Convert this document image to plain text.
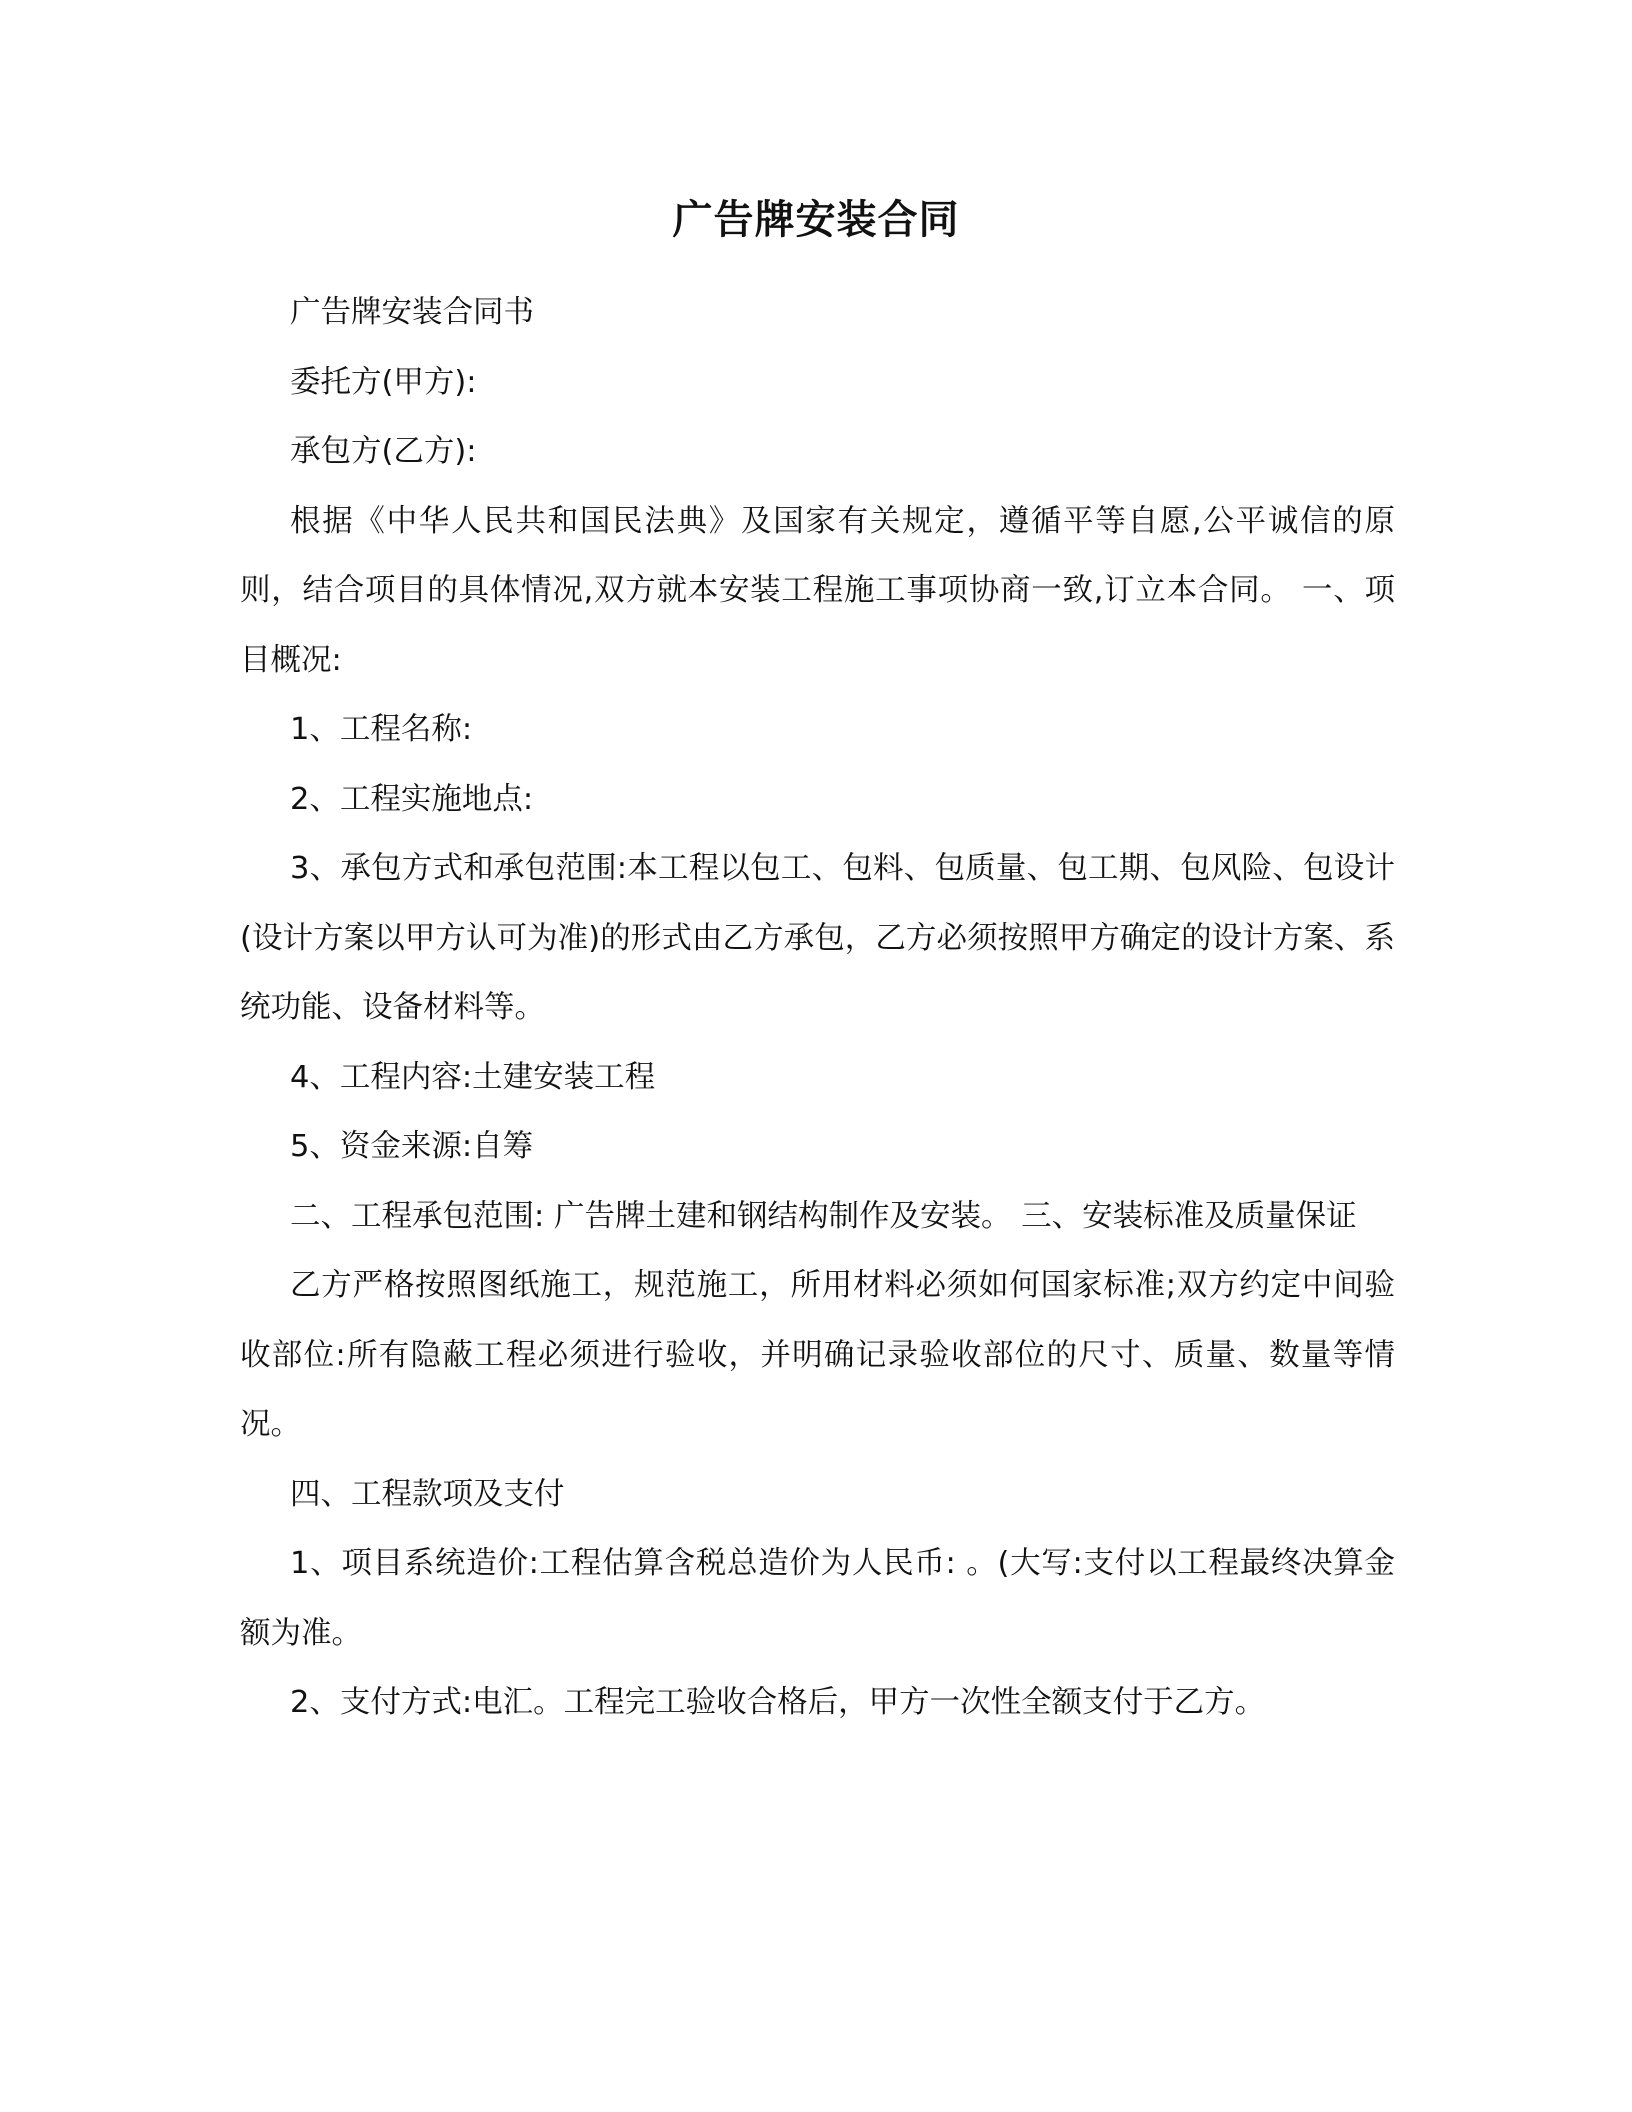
广告牌安装合同

广告牌安装合同书

委托方(甲方):

承包方(乙方):

根据《中华人民共和国民法典》及国家有关规定，遵循平等自愿,公平诚信的原则，结合项目的具体情况,双方就本安装工程施工事项协商一致,订立本合同。 一、项目概况:

1、工程名称:

2、工程实施地点:

3、承包方式和承包范围:本工程以包工、包料、包质量、包工期、包风险、包设计(设计方案以甲方认可为准)的形式由乙方承包，乙方必须按照甲方确定的设计方案、系统功能、设备材料等。

4、工程内容:土建安装工程

5、资金来源:自筹

二、工程承包范围: 广告牌土建和钢结构制作及安装。 三、安装标准及质量保证

乙方严格按照图纸施工，规范施工，所用材料必须如何国家标准;双方约定中间验收部位:所有隐蔽工程必须进行验收，并明确记录验收部位的尺寸、质量、数量等情况。

四、工程款项及支付

1、项目系统造价:工程估算含税总造价为人民币: 。(大写:支付以工程最终决算金额为准。

2、支付方式:电汇。工程完工验收合格后，甲方一次性全额支付于乙方。
